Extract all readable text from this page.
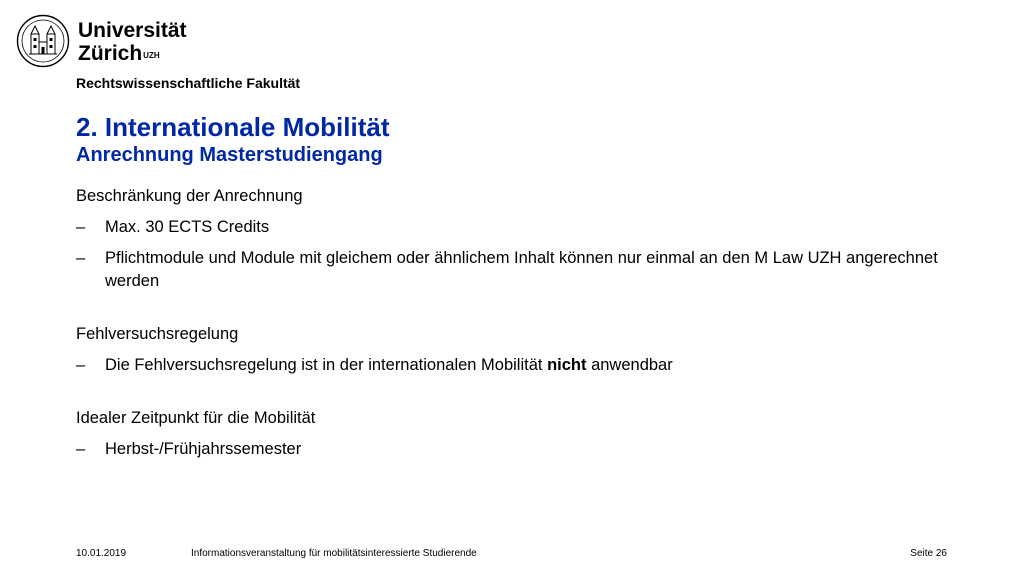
Universität
Zürich$^{UZH}$
Rechtswissenschaftliche Fakultät
2. Internationale Mobilität
Anrechnung Masterstudiengang

Beschränkung der Anrechnung

– Max. 30 ECTS Credits
– Pflichtmodule und Module mit gleichem oder ähnlichem Inhalt können nur einmal an den M Law UZH angerechnet werden

Fehlversuchsregelung

– Die Fehlversuchsregelung ist in der internationalen Mobilität nicht anwendbar

Idealer Zeitpunkt für die Mobilität

– Herbst-/Frühjahrssemester
10.01.2019	Informationsveranstaltung für mobilitätsinteressierte Studierende	Seite 26
